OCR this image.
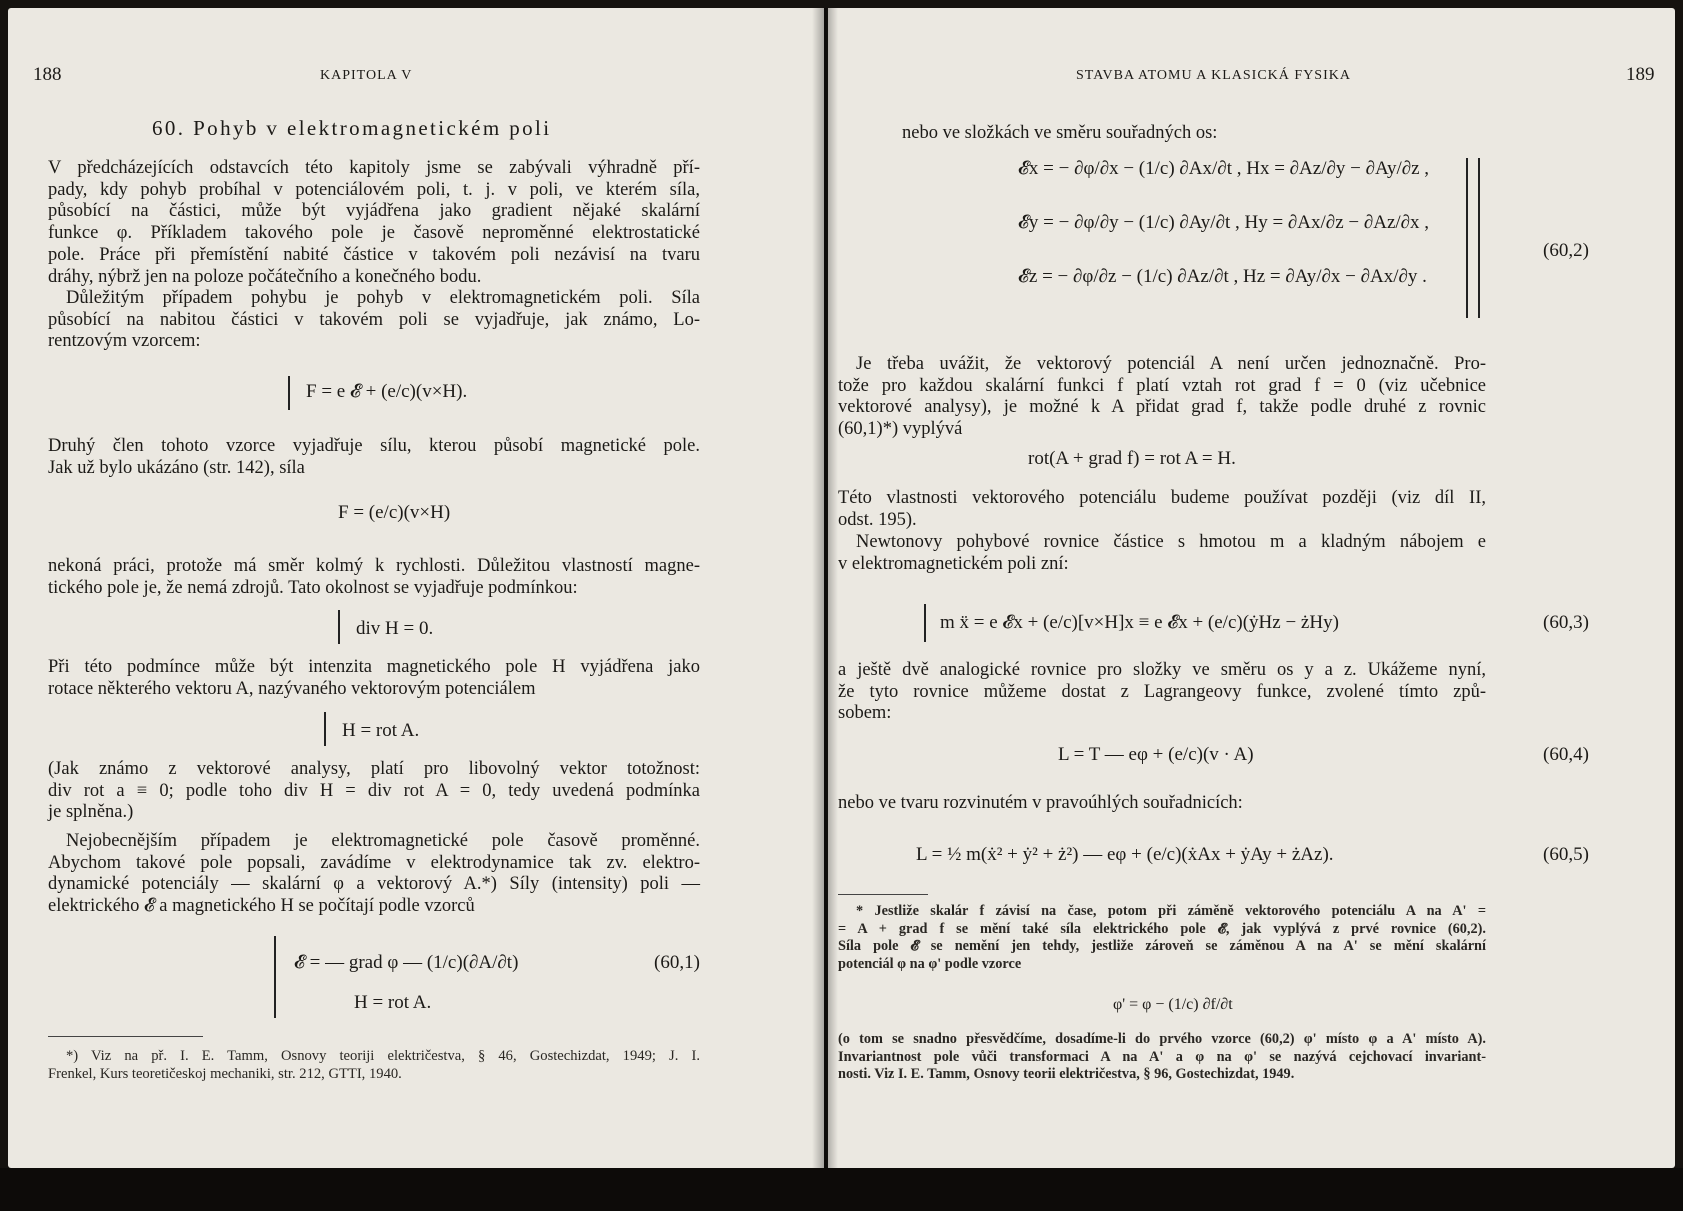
188	KAPITOLA V
60. Pohyb v elektromagnetickém poli
V předcházejících odstavcích této kapitoly jsme se zabývali výhradně pří-
pady, kdy pohyb probíhal v potenciálovém poli, t. j. v poli, ve kterém síla,
působící na částici, může být vyjádřena jako gradient nějaké skalární
funkce φ. Příkladem takového pole je časově neproměnné elektrostatické
pole. Práce při přemístění nabité částice v takovém poli nezávisí na tvaru
dráhy, nýbrž jen na poloze počátečního a konečného bodu.
Důležitým případem pohybu je pohyb v elektromagnetickém poli. Síla
působící na nabitou částici v takovém poli se vyjadřuje, jak známo, Lo-
rentzovým vzorcem:
F = e 𝓔 + (e/c)(v×H).
Druhý člen tohoto vzorce vyjadřuje sílu, kterou působí magnetické pole.
Jak už bylo ukázáno (str. 142), síla
F = (e/c)(v×H)
nekoná práci, protože má směr kolmý k rychlosti. Důležitou vlastností magne-
tického pole je, že nemá zdrojů. Tato okolnost se vyjadřuje podmínkou:
div H = 0.
Při této podmínce může být intenzita magnetického pole H vyjádřena jako
rotace některého vektoru A, nazývaného vektorovým potenciálem
H = rot A.
(Jak známo z vektorové analysy, platí pro libovolný vektor totožnost:
div rot a ≡ 0; podle toho div H = div rot A = 0, tedy uvedená podmínka
je splněna.)
Nejobecnějším případem je elektromagnetické pole časově proměnné.
Abychom takové pole popsali, zavádíme v elektrodynamice tak zv. elektro-
dynamické potenciály — skalární φ a vektorový A.*) Síly (intensity) poli —
elektrického 𝓔 a magnetického H se počítají podle vzorců
𝓔 = — grad φ — (1/c)(∂A/∂t)
H = rot A.
(60,1)
*) Viz na př. I. E. Tamm, Osnovy teoriji električestva, § 46, Gostechizdat, 1949; J. I.
Frenkel, Kurs teoretičeskoj mechaniki, str. 212, GTTI, 1940.
STAVBA ATOMU A KLASICKÁ FYSIKA	189
nebo ve složkách ve směru souřadných os:
𝓔x = − ∂φ/∂x − (1/c) ∂Ax/∂t , Hx = ∂Az/∂y − ∂Ay/∂z ,
𝓔y = − ∂φ/∂y − (1/c) ∂Ay/∂t , Hy = ∂Ax/∂z − ∂Az/∂x ,
𝓔z = − ∂φ/∂z − (1/c) ∂Az/∂t , Hz = ∂Ay/∂x − ∂Ax/∂y .
(60,2)
Je třeba uvážit, že vektorový potenciál A není určen jednoznačně. Pro-
tože pro každou skalární funkci f platí vztah rot grad f = 0 (viz učebnice
vektorové analysy), je možné k A přidat grad f, takže podle druhé z rovnic
(60,1)*) vyplývá
rot(A + grad f) = rot A = H.
Této vlastnosti vektorového potenciálu budeme používat později (viz díl II,
odst. 195).
Newtonovy pohybové rovnice částice s hmotou m a kladným nábojem e
v elektromagnetickém poli zní:
m ẍ = e 𝓔x + (e/c)[v×H]x ≡ e 𝓔x + (e/c)(ẏHz − żHy)	(60,3)
a ještě dvě analogické rovnice pro složky ve směru os y a z. Ukážeme nyní,
že tyto rovnice můžeme dostat z Lagrangeovy funkce, zvolené tímto způ-
sobem:
L = T — eφ + (e/c)(v · A)	(60,4)
nebo ve tvaru rozvinutém v pravoúhlých souřadnicích:
L = ½ m(ẋ² + ẏ² + ż²) — eφ + (e/c)(ẋAx + ẏAy + żAz).	(60,5)
* Jestliže skalár f závisí na čase, potom při záměně vektorového potenciálu A na A' =
= A + grad f se mění také síla elektrického pole 𝓔, jak vyplývá z prvé rovnice (60,2).
Síla pole 𝓔 se nemění jen tehdy, jestliže zároveň se záměnou A na A' se mění skalární
potenciál φ na φ' podle vzorce
φ' = φ − (1/c) ∂f/∂t
(o tom se snadno přesvědčíme, dosadíme-li do prvého vzorce (60,2) φ' místo φ a A' místo A).
Invariantnost pole vůči transformaci A na A' a φ na φ' se nazývá cejchovací invariant-
nosti. Viz I. E. Tamm, Osnovy teorii električestva, § 96, Gostechizdat, 1949.
